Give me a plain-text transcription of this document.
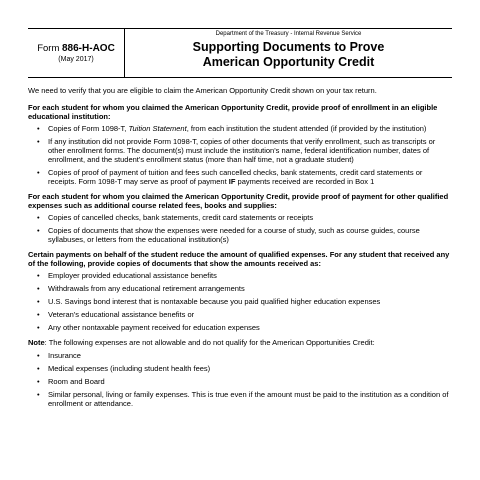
Form 886-H-AOC
(May 2017)
Department of the Treasury - Internal Revenue Service
Supporting Documents to Prove
American Opportunity Credit

We need to verify that you are eligible to claim the American Opportunity Credit shown on your tax return.

For each student for whom you claimed the American Opportunity Credit, provide proof of enrollment in an eligible educational institution:

• Copies of Form 1098-T, Tuition Statement, from each institution the student attended (if provided by the institution)
• If any institution did not provide Form 1098-T, copies of other documents that verify enrollment, such as transcripts or other enrollment forms. The document(s) must include the institution's name, federal identification number, dates of enrollment, and the student's enrollment status (more than half time, not a graduate student)
• Copies of proof of payment of tuition and fees such cancelled checks, bank statements, credit card statements or receipts. Form 1098-T may serve as proof of payment IF payments received are recorded in Box 1

For each student for whom you claimed the American Opportunity Credit, provide proof of payment for other qualified expenses such as additional course related fees, books and supplies:

• Copies of cancelled checks, bank statements, credit card statements or receipts
• Copies of documents that show the expenses were needed for a course of study, such as course guides, course syllabuses, or letters from the educational institution(s)

Certain payments on behalf of the student reduce the amount of qualified expenses. For any student that received any of the following, provide copies of documents that show the amounts received as:

• Employer provided educational assistance benefits
• Withdrawals from any educational retirement arrangements
• U.S. Savings bond interest that is nontaxable because you paid qualified higher education expenses
• Veteran's educational assistance benefits or
• Any other nontaxable payment received for education expenses

Note: The following expenses are not allowable and do not qualify for the American Opportunities Credit:

• Insurance
• Medical expenses (including student health fees)
• Room and Board
• Similar personal, living or family expenses. This is true even if the amount must be paid to the institution as a condition of enrollment or attendance.
